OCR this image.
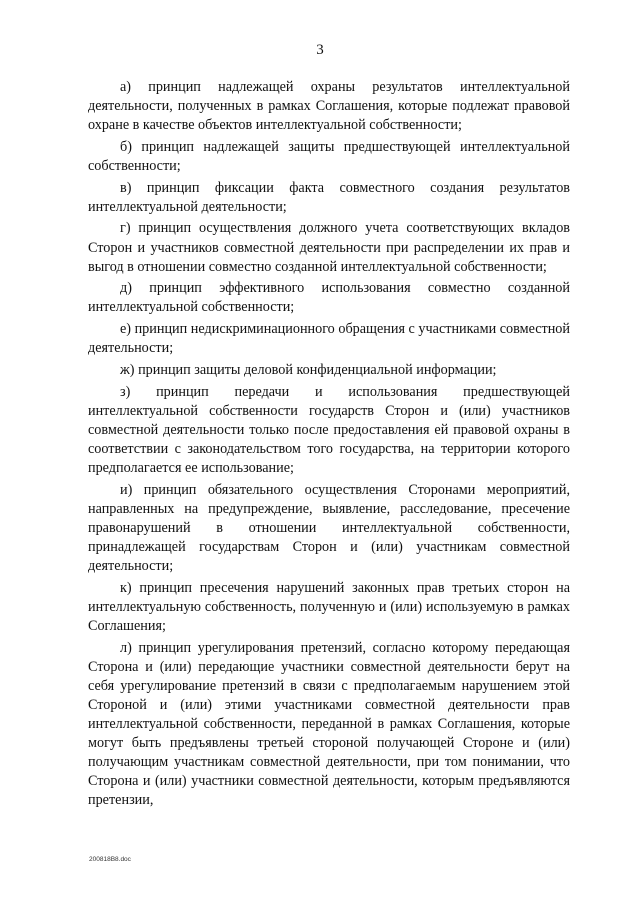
3

а) принцип надлежащей охраны результатов интеллектуальной деятельности, полученных в рамках Соглашения, которые подлежат правовой охране в качестве объектов интеллектуальной собственности;

б) принцип надлежащей защиты предшествующей интеллектуальной собственности;

в) принцип фиксации факта совместного создания результатов интеллектуальной деятельности;

г) принцип осуществления должного учета соответствующих вкладов Сторон и участников совместной деятельности при распределении их прав и выгод в отношении совместно созданной интеллектуальной собственности;

д) принцип эффективного использования совместно созданной интеллектуальной собственности;

е) принцип недискриминационного обращения с участниками совместной деятельности;

ж) принцип защиты деловой конфиденциальной информации;

з) принцип передачи и использования предшествующей интеллектуальной собственности государств Сторон и (или) участников совместной деятельности только после предоставления ей правовой охраны в соответствии с законодательством того государства, на территории которого предполагается ее использование;

и) принцип обязательного осуществления Сторонами мероприятий, направленных на предупреждение, выявление, расследование, пресечение правонарушений в отношении интеллектуальной собственности, принадлежащей государствам Сторон и (или) участникам совместной деятельности;

к) принцип пресечения нарушений законных прав третьих сторон на интеллектуальную собственность, полученную и (или) используемую в рамках Соглашения;

л) принцип урегулирования претензий, согласно которому передающая Сторона и (или) передающие участники совместной деятельности берут на себя урегулирование претензий в связи с предполагаемым нарушением этой Стороной и (или) этими участниками совместной деятельности прав интеллектуальной собственности, переданной в рамках Соглашения, которые могут быть предъявлены третьей стороной получающей Стороне и (или) получающим участникам совместной деятельности, при том понимании, что Сторона и (или) участники совместной деятельности, которым предъявляются претензии,

200818B8.doc
